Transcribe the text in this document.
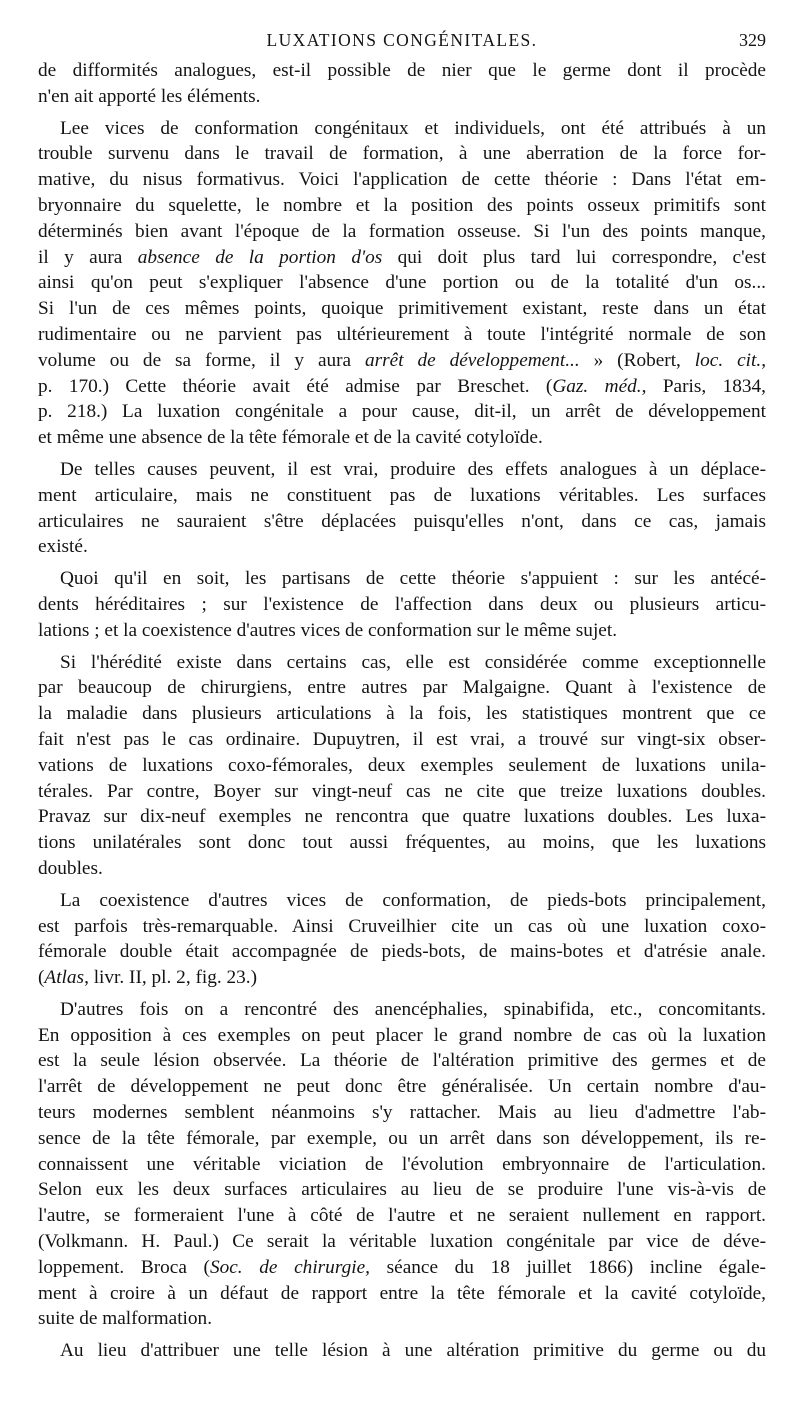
LUXATIONS CONGÉNITALES.	329
de difformités analogues, est-il possible de nier que le germe dont il procède
n'en ait apporté les éléments.
Lee vices de conformation congénitaux et individuels, ont été attribués à un
trouble survenu dans le travail de formation, à une aberration de la force for-
mative, du nisus formativus. Voici l'application de cette théorie : Dans l'état em-
bryonnaire du squelette, le nombre et la position des points osseux primitifs sont
déterminés bien avant l'époque de la formation osseuse. Si l'un des points manque,
il y aura absence de la portion d'os qui doit plus tard lui correspondre, c'est
ainsi qu'on peut s'expliquer l'absence d'une portion ou de la totalité d'un os...
Si l'un de ces mêmes points, quoique primitivement existant, reste dans un état
rudimentaire ou ne parvient pas ultérieurement à toute l'intégrité normale de son
volume ou de sa forme, il y aura arrêt de développement... » (Robert, loc. cit.,
p. 170.) Cette théorie avait été admise par Breschet. (Gaz. méd., Paris, 1834,
p. 218.) La luxation congénitale a pour cause, dit-il, un arrêt de développement
et même une absence de la tête fémorale et de la cavité cotyloïde.
De telles causes peuvent, il est vrai, produire des effets analogues à un déplace-
ment articulaire, mais ne constituent pas de luxations véritables. Les surfaces
articulaires ne sauraient s'être déplacées puisqu'elles n'ont, dans ce cas, jamais
existé.
Quoi qu'il en soit, les partisans de cette théorie s'appuient : sur les antécé-
dents héréditaires ; sur l'existence de l'affection dans deux ou plusieurs articu-
lations ; et la coexistence d'autres vices de conformation sur le même sujet.
Si l'hérédité existe dans certains cas, elle est considérée comme exceptionnelle
par beaucoup de chirurgiens, entre autres par Malgaigne. Quant à l'existence de
la maladie dans plusieurs articulations à la fois, les statistiques montrent que ce
fait n'est pas le cas ordinaire. Dupuytren, il est vrai, a trouvé sur vingt-six obser-
vations de luxations coxo-fémorales, deux exemples seulement de luxations unila-
térales. Par contre, Boyer sur vingt-neuf cas ne cite que treize luxations doubles.
Pravaz sur dix-neuf exemples ne rencontra que quatre luxations doubles. Les luxa-
tions unilatérales sont donc tout aussi fréquentes, au moins, que les luxations
doubles.
La coexistence d'autres vices de conformation, de pieds-bots principalement,
est parfois très-remarquable. Ainsi Cruveilhier cite un cas où une luxation coxo-
fémorale double était accompagnée de pieds-bots, de mains-botes et d'atrésie anale.
(Atlas, livr. II, pl. 2, fig. 23.)
D'autres fois on a rencontré des anencéphalies, spinabifida, etc., concomitants.
En opposition à ces exemples on peut placer le grand nombre de cas où la luxation
est la seule lésion observée. La théorie de l'altération primitive des germes et de
l'arrêt de développement ne peut donc être généralisée. Un certain nombre d'au-
teurs modernes semblent néanmoins s'y rattacher. Mais au lieu d'admettre l'ab-
sence de la tête fémorale, par exemple, ou un arrêt dans son développement, ils re-
connaissent une véritable viciation de l'évolution embryonnaire de l'articulation.
Selon eux les deux surfaces articulaires au lieu de se produire l'une vis-à-vis de
l'autre, se formeraient l'une à côté de l'autre et ne seraient nullement en rapport.
(Volkmann. H. Paul.) Ce serait la véritable luxation congénitale par vice de déve-
loppement. Broca (Soc. de chirurgie, séance du 18 juillet 1866) incline égale-
ment à croire à un défaut de rapport entre la tête fémorale et la cavité cotyloïde,
suite de malformation.
Au lieu d'attribuer une telle lésion à une altération primitive du germe ou du
